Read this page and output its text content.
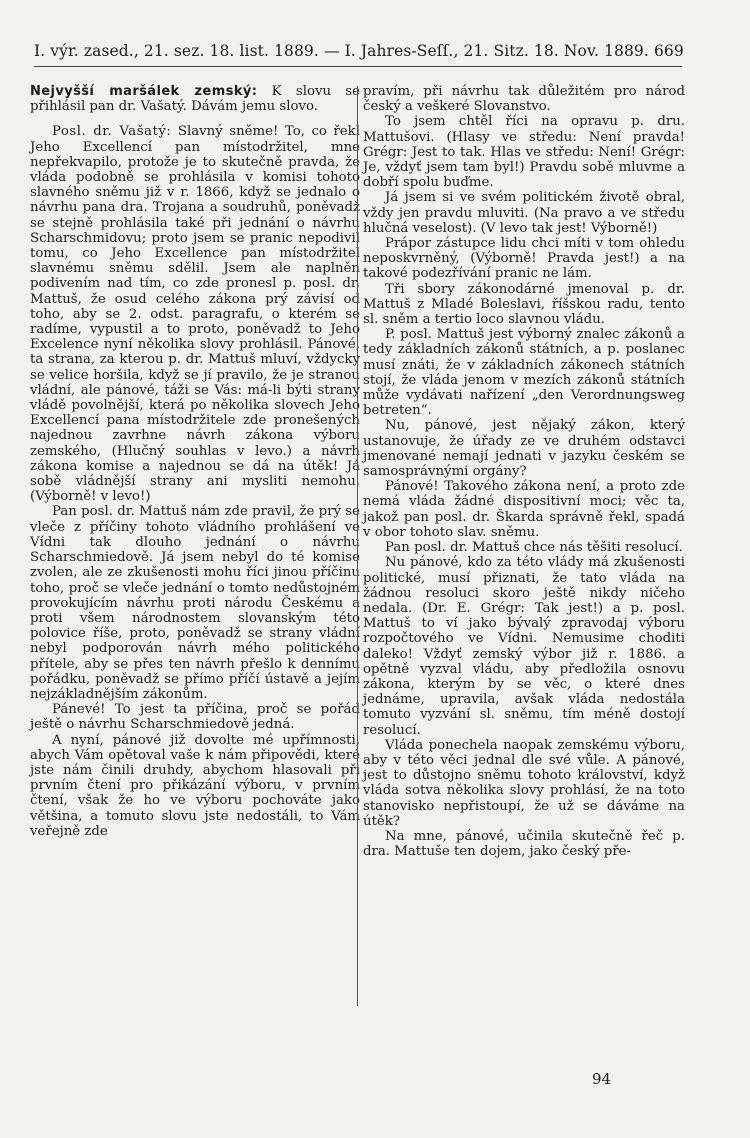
I. výr. zased., 21. sez. 18. list. 1889. — I. Jahres-Seſſ., 21. Sitz. 18. Nov. 1889. 669

Nejvyšší maršálek zemský: K slovu se přihlásil pan dr. Vašatý. Dávám jemu slovo.

Posl. dr. Vašatý: Slavný sněme! To, co řekl Jeho Excellencí pan místodržitel, mne nepřekvapilo, protože je to skutečně pravda, že vláda podobně se prohlásila v komisi tohoto slavného sněmu již v r. 1866, když se jednalo o návrhu pana dra. Trojana a soudruhů, poněvadž se stejně prohlásila také při jednání o návrhu Scharschmidovu; proto jsem se pranic nepodivil tomu, co Jeho Excellence pan místodržitel slavnému sněmu sdělil. Jsem ale naplněn podivením nad tím, co zde pronesl p. posl. dr. Mattuš, že osud celého zákona prý závisí od toho, aby se 2. odst. paragrafu, o kterém se radíme, vypustil a to proto, poněvadž to Jeho Excelence nyní několika slovy prohlásil. Pánové, ta strana, za kterou p. dr. Mattuš mluví, vždycky se velice horšila, když se jí pravilo, že je stranou vládní, ale pánové, táži se Vás: má-li býti strany vládě povolnější, která po několika slovech Jeho Excellencí pana místodržitele zde pronešených najednou zavrhne návrh zákona výboru zemského, (Hlučný souhlas v levo.) a návrh zákona komise a najednou se dá na útěk! Já sobě vládnější strany ani mysliti nemohu. (Výborně! v levo!)

Pan posl. dr. Mattuš nám zde pravil, že prý se vleče z příčiny tohoto vládního prohlášení ve Vídni tak dlouho jednání o návrhu Scharschmiedově. Já jsem nebyl do té komise zvolen, ale ze zkušenosti mohu říci jinou příčinu toho, proč se vleče jednání o tomto nedůstojném provokujícím návrhu proti národu Českému a proti všem národnostem slovanským této polovice říše, proto, poněvadž se strany vládní nebyl podporován návrh mého politického přítele, aby se přes ten návrh přešlo k dennímu pořádku, poněvadž se přímo příčí ústavě a jejím nejzákladnějším zákonům.

Pánevé! To jest ta příčina, proč se pořád ještě o návrhu Scharschmiedově jedná.

A nyní, pánové již dovolte mé upřímnosti, abych Vám opětoval vaše k nám připovědi, které jste nám činili druhdy, abychom hlasovali při prvním čtení pro přikázání výboru, v prvním čtení, však že ho ve výboru pochováte jako většina, a tomuto slovu jste nedostáli, to Vám veřejně zde

pravím, při návrhu tak důležitém pro národ český a veškeré Slovanstvo.

To jsem chtěl říci na opravu p. dru. Mattušovi. (Hlasy ve středu: Není pravda! Grégr: Jest to tak. Hlas ve středu: Není! Grégr: Je, vždyť jsem tam byl!) Pravdu sobě mluvme a dobří spolu buďme.

Já jsem si ve svém politickém životě obral, vždy jen pravdu mluviti. (Na pravo a ve středu hlučná veselost). (V levo tak jest! Výborně!)

Prápor zástupce lidu chci míti v tom ohledu neposkvrněný, (Výborně! Pravda jest!) a na takové podezřívání pranic ne lám.

Tři sbory zákonodárné jmenoval p. dr. Mattuš z Mladé Boleslavi, říšskou radu, tento sl. sněm a tertio loco slavnou vládu.

P. posl. Mattuš jest výborný znalec zákonů a tedy základních zákonů státních, a p. poslanec musí znáti, že v základních zákonech státních stojí, že vláda jenom v mezích zákonů státních může vydávati nařízení „den Verordnungsweg betreten“.

Nu, pánové, jest nějaký zákon, který ustanovuje, že úřady ze ve druhém odstavci jmenované nemají jednati v jazyku českém se samosprávnými orgány?

Pánové! Takového zákona není, a proto zde nemá vláda žádné dispositivní moci; věc ta, jakož pan posl. dr. Škarda správně řekl, spadá v obor tohoto slav. sněmu.

Pan posl. dr. Mattuš chce nás těšiti resolucí.

Nu pánové, kdo za této vlády má zkušenosti politické, musí přiznati, že tato vláda na žádnou resoluci skoro ještě nikdy ničeho nedala. (Dr. E. Grégr: Tak jest!) a p. posl. Mattuš to ví jako bývalý zpravodaj výboru rozpočtového ve Vídni. Nemusime choditi daleko! Vždyť zemský výbor již r. 1886. a opětně vyzval vládu, aby předložila osnovu zákona, kterým by se věc, o které dnes jednáme, upravila, avšak vláda nedostála tomuto vyzvání sl. sněmu, tím méně dostojí resolucí.

Vláda ponechela naopak zemskému výboru, aby v této věci jednal dle své vůle. A pánové, jest to důstojno sněmu tohoto království, když vláda sotva několika slovy prohlásí, že na toto stanovisko nepřistoupí, že už se dáváme na útěk?

Na mne, pánové, učinila skutečně řeč p. dra. Mattuše ten dojem, jako český pře-

94
